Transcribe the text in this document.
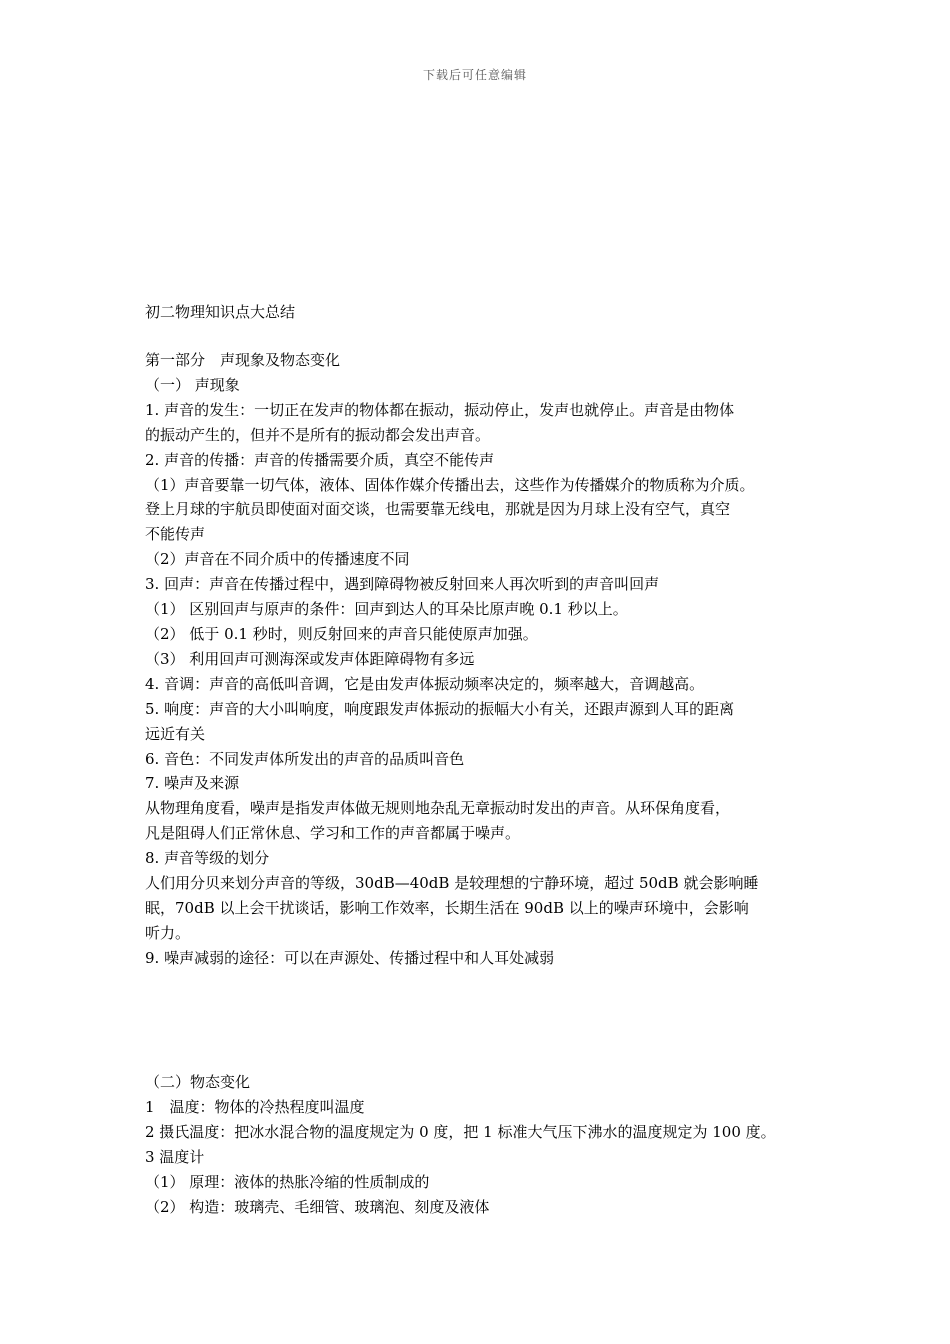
下载后可任意编辑
初二物理知识点大总结

第一部分　声现象及物态变化

（一） 声现象

1. 声音的发生：一切正在发声的物体都在振动，振动停止，发声也就停止。声音是由物体

的振动产生的，但并不是所有的振动都会发出声音。

2. 声音的传播：声音的传播需要介质，真空不能传声

（1）声音要靠一切气体，液体、固体作媒介传播出去，这些作为传播媒介的物质称为介质。

登上月球的宇航员即使面对面交谈，也需要靠无线电，那就是因为月球上没有空气，真空

不能传声

（2）声音在不同介质中的传播速度不同

3. 回声：声音在传播过程中，遇到障碍物被反射回来人再次听到的声音叫回声

（1） 区别回声与原声的条件：回声到达人的耳朵比原声晚 0.1 秒以上。

（2） 低于 0.1 秒时，则反射回来的声音只能使原声加强。

（3） 利用回声可测海深或发声体距障碍物有多远

4. 音调：声音的高低叫音调，它是由发声体振动频率决定的，频率越大，音调越高。

5. 响度：声音的大小叫响度，响度跟发声体振动的振幅大小有关，还跟声源到人耳的距离

远近有关

6. 音色：不同发声体所发出的声音的品质叫音色

7. 噪声及来源

从物理角度看，噪声是指发声体做无规则地杂乱无章振动时发出的声音。从环保角度看，

凡是阻碍人们正常休息、学习和工作的声音都属于噪声。

8. 声音等级的划分

人们用分贝来划分声音的等级，30dB—40dB 是较理想的宁静环境，超过 50dB 就会影响睡

眠，70dB 以上会干扰谈话，影响工作效率，长期生活在 90dB 以上的噪声环境中，会影响

听力。

9. 噪声减弱的途径：可以在声源处、传播过程中和人耳处减弱

（二）物态变化

1　温度：物体的冷热程度叫温度

2 摄氏温度：把冰水混合物的温度规定为 0 度，把 1 标准大气压下沸水的温度规定为 100 度。

3 温度计

（1） 原理：液体的热胀冷缩的性质制成的

（2） 构造：玻璃壳、毛细管、玻璃泡、刻度及液体
